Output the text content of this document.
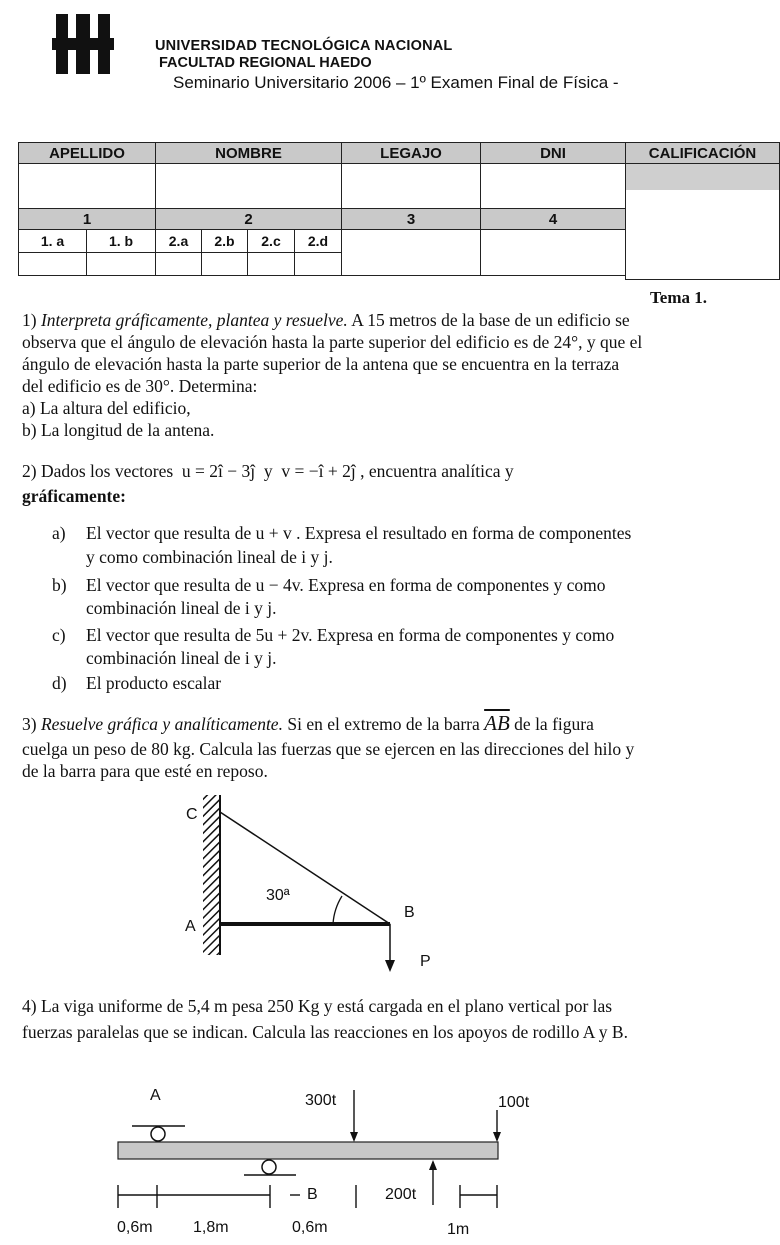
UNIVERSIDAD TECNOLÓGICA NACIONAL

FACULTAD REGIONAL HAEDO

Seminario Universitario 2006 – 1º Examen Final de Física -

APELLIDO	NOMBRE	LEGAJO	DNI	CALIFICACIÓN
1	2	3	4
1. a	1. b	2.a	2.b	2.c	2.d
Tema 1.

1) Interpreta gráficamente, plantea y resuelve. A 15 metros de la base de un edificio se

observa que el ángulo de elevación hasta la parte superior del edificio es de 24°, y que el

ángulo de elevación hasta la parte superior de la antena que se encuentra en la terraza

del edificio es de 30°. Determina:

a) La altura del edificio,

b) La longitud de la antena.

2) Dados los vectores u = 2î − 3ĵ y v = −î + 2ĵ , encuentra analítica y

gráficamente:

a) El vector que resulta de u + v . Expresa el resultado en forma de componentes

y como combinación lineal de i y j.

b) El vector que resulta de u − 4v. Expresa en forma de componentes y como

combinación lineal de i y j.

c) El vector que resulta de 5u + 2v. Expresa en forma de componentes y como

combinación lineal de i y j.

d) El producto escalar

3) Resuelve gráfica y analíticamente. Si en el extremo de la barra $\overline{AB}$ de la figura

cuelga un peso de 80 kg. Calcula las fuerzas que se ejercen en las direcciones del hilo y

de la barra para que esté en reposo.

C
A
B
P
30ª

4) La viga uniforme de 5,4 m pesa 250 Kg y está cargada en el plano vertical por las

fuerzas paralelas que se indican. Calcula las reacciones en los apoyos de rodillo A y B.

A	300t	100t
B	200t
0,6m	1,8m	0,6m	1m
